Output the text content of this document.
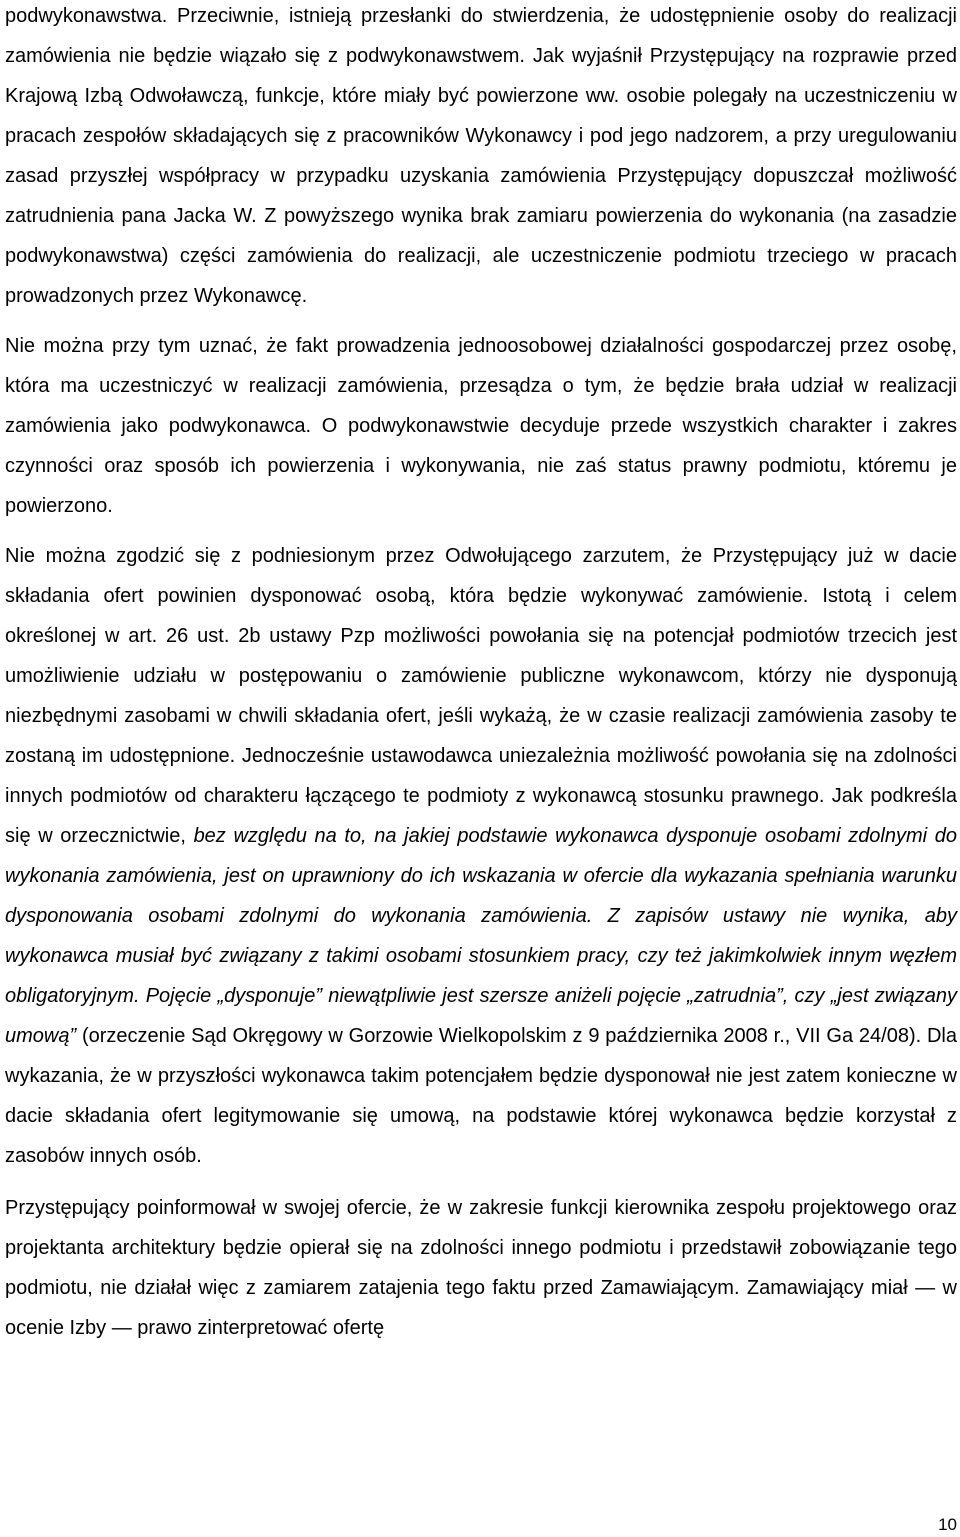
podwykonawstwa. Przeciwnie, istnieją przesłanki do stwierdzenia, że udostępnienie osoby do realizacji zamówienia nie będzie wiązało się z podwykonawstwem. Jak wyjaśnił Przystępujący na rozprawie przed Krajową Izbą Odwoławczą, funkcje, które miały być powierzone ww. osobie polegały na uczestniczeniu w pracach zespołów składających się z pracowników Wykonawcy i pod jego nadzorem, a przy uregulowaniu zasad przyszłej współpracy w przypadku uzyskania zamówienia Przystępujący dopuszczał możliwość zatrudnienia pana Jacka W. Z powyższego wynika brak zamiaru powierzenia do wykonania (na zasadzie podwykonawstwa) części zamówienia do realizacji, ale uczestniczenie podmiotu trzeciego w pracach prowadzonych przez Wykonawcę.

Nie można przy tym uznać, że fakt prowadzenia jednoosobowej działalności gospodarczej przez osobę, która ma uczestniczyć w realizacji zamówienia, przesądza o tym, że będzie brała udział w realizacji zamówienia jako podwykonawca. O podwykonawstwie decyduje przede wszystkich charakter i zakres czynności oraz sposób ich powierzenia i wykonywania, nie zaś status prawny podmiotu, któremu je powierzono.

Nie można zgodzić się z podniesionym przez Odwołującego zarzutem, że Przystępujący już w dacie składania ofert powinien dysponować osobą, która będzie wykonywać zamówienie. Istotą i celem określonej w art. 26 ust. 2b ustawy Pzp możliwości powołania się na potencjał podmiotów trzecich jest umożliwienie udziału w postępowaniu o zamówienie publiczne wykonawcom, którzy nie dysponują niezbędnymi zasobami w chwili składania ofert, jeśli wykażą, że w czasie realizacji zamówienia zasoby te zostaną im udostępnione. Jednocześnie ustawodawca uniezależnia możliwość powołania się na zdolności innych podmiotów od charakteru łączącego te podmioty z wykonawcą stosunku prawnego. Jak podkreśla się w orzecznictwie, bez względu na to, na jakiej podstawie wykonawca dysponuje osobami zdolnymi do wykonania zamówienia, jest on uprawniony do ich wskazania w ofercie dla wykazania spełniania warunku dysponowania osobami zdolnymi do wykonania zamówienia. Z zapisów ustawy nie wynika, aby wykonawca musiał być związany z takimi osobami stosunkiem pracy, czy też jakimkolwiek innym węzłem obligatoryjnym. Pojęcie „dysponuje” niewątpliwie jest szersze aniżeli pojęcie „zatrudnia”, czy „jest związany umową” (orzeczenie Sąd Okręgowy w Gorzowie Wielkopolskim z 9 października 2008 r., VII Ga 24/08). Dla wykazania, że w przyszłości wykonawca takim potencjałem będzie dysponował nie jest zatem konieczne w dacie składania ofert legitymowanie się umową, na podstawie której wykonawca będzie korzystał z zasobów innych osób.

Przystępujący poinformował w swojej ofercie, że w zakresie funkcji kierownika zespołu projektowego oraz projektanta architektury będzie opierał się na zdolności innego podmiotu i przedstawił zobowiązanie tego podmiotu, nie działał więc z zamiarem zatajenia tego faktu przed Zamawiającym. Zamawiający miał — w ocenie Izby — prawo zinterpretować ofertę

10
